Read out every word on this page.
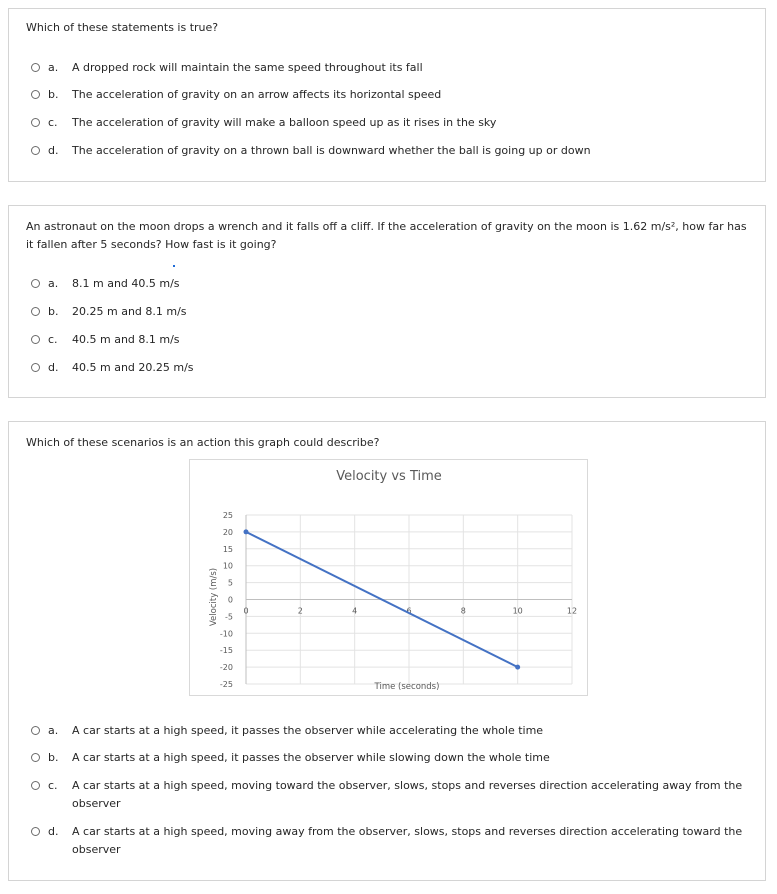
Which of these statements is true?
a.	A dropped rock will maintain the same speed throughout its fall
b.	The acceleration of gravity on an arrow affects its horizontal speed
c.	The acceleration of gravity will make a balloon speed up as it rises in the sky
d.	The acceleration of gravity on a thrown ball is downward whether the ball is going up or down
An astronaut on the moon drops a wrench and it falls off a cliff. If the acceleration of gravity on the moon is 1.62 m/s², how far has it fallen after 5 seconds? How fast is it going?
a.	8.1 m and 40.5 m/s
b.	20.25 m and 8.1 m/s
c.	40.5 m and 8.1 m/s
d.	40.5 m and 20.25 m/s
Which of these scenarios is an action this graph could describe?
25
20
15
10
5
0
-5
-10
-15
-20
-25
0	2	4	6	8	10	12
Velocity vs Time
Time (seconds)
Velocity (m/s)
a.	A car starts at a high speed, it passes the observer while accelerating the whole time
b.	A car starts at a high speed, it passes the observer while slowing down the whole time
c.	A car starts at a high speed, moving toward the observer, slows, stops and reverses direction accelerating away from the observer
d.	A car starts at a high speed, moving away from the observer, slows, stops and reverses direction accelerating toward the observer
